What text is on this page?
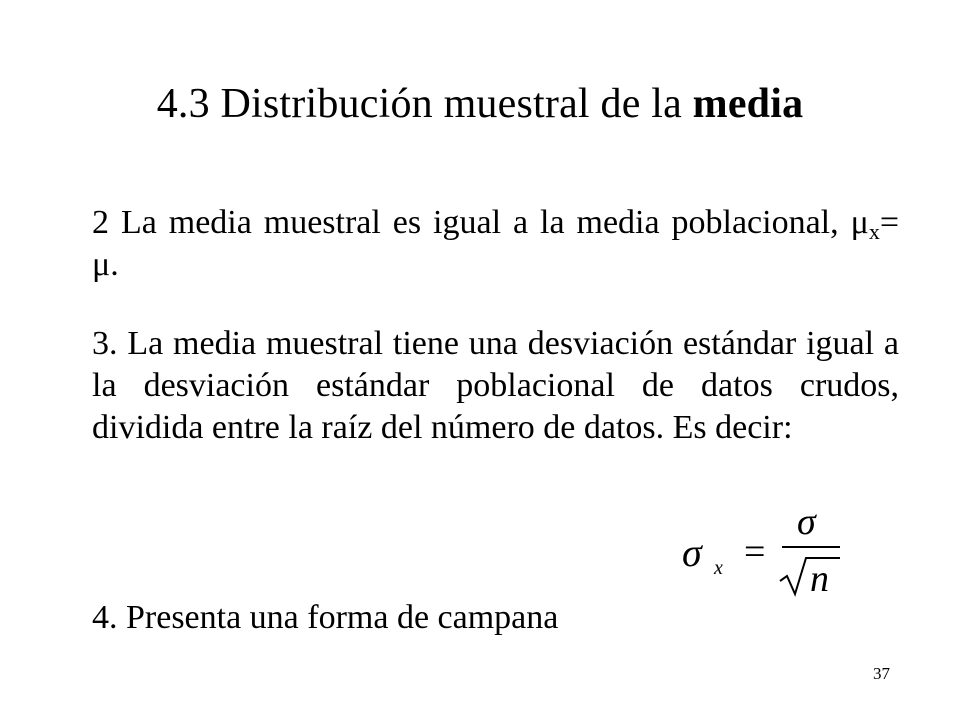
4.3 Distribución muestral de la media

2 La media muestral es igual a la media poblacional, μx= μ.

3. La media muestral tiene una desviación estándar igual a la desviación estándar poblacional de datos crudos, dividida entre la raíz del número de datos. Es decir:

σ x =
σ
n

4. Presenta una forma de campana

37
